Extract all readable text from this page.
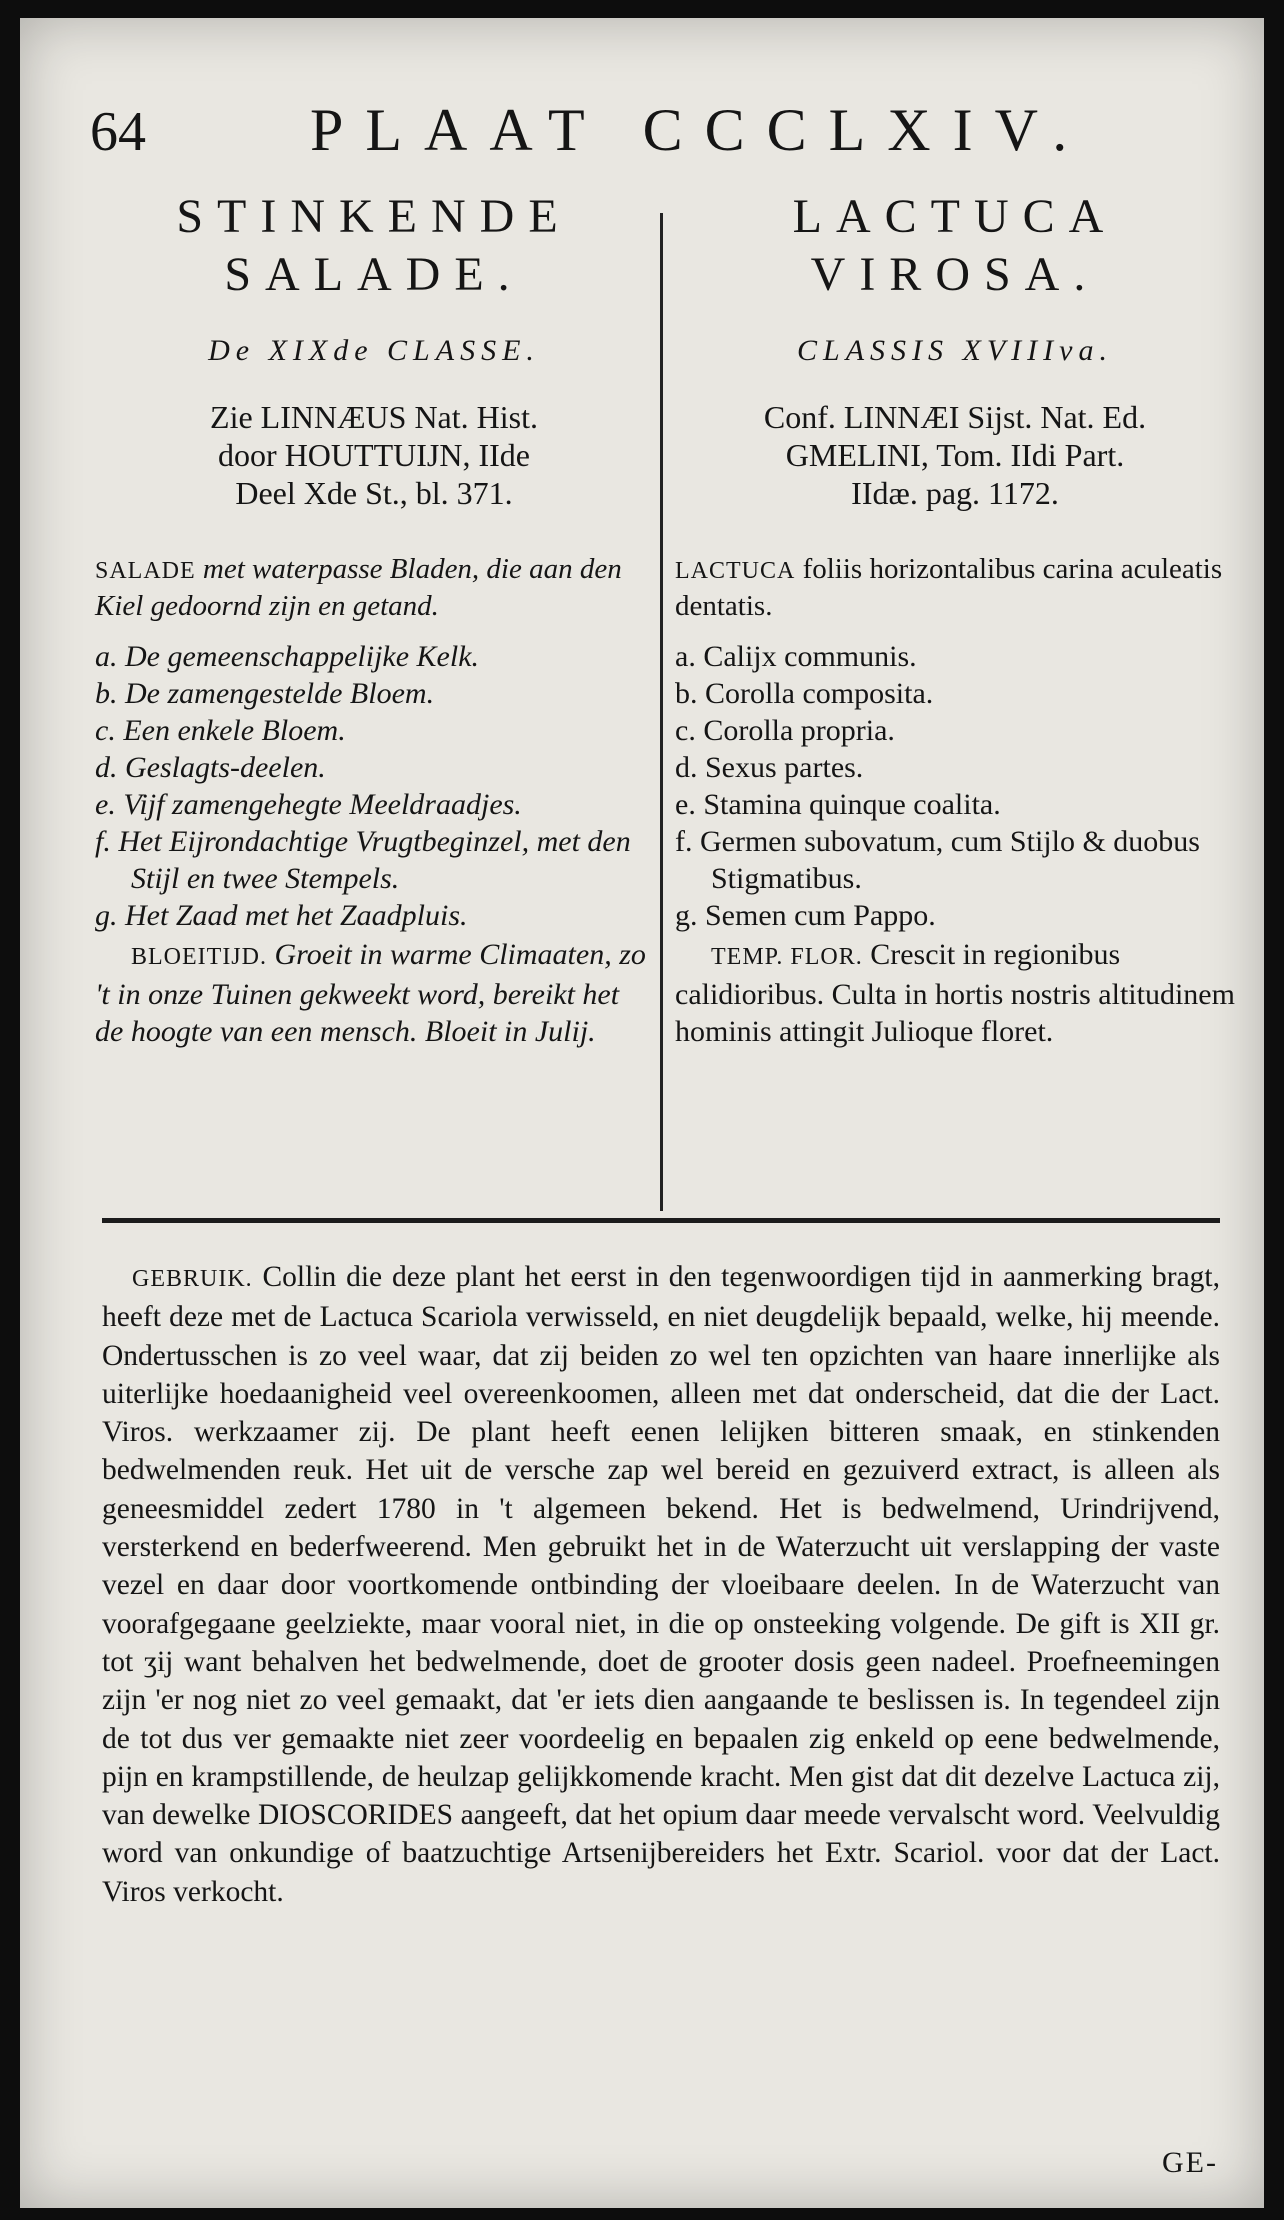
64	PLAAT CCCLXIV.
STINKENDE
SALADE.
De XIXde CLASSE.
Zie LINNÆUS Nat. Hist.
door HOUTTUIJN, IIde
Deel Xde St., bl. 371.
SALADE met waterpasse Bladen, die aan den Kiel gedoornd zijn en getand.
a. De gemeenschappelijke Kelk.
b. De zamengestelde Bloem.
c. Een enkele Bloem.
d. Geslagts-deelen.
e. Vijf zamengehegte Meeldraadjes.
f. Het Eijrondachtige Vrugtbeginzel, met den Stijl en twee Stempels.
g. Het Zaad met het Zaadpluis.
BLOEITIJD. Groeit in warme Climaaten, zo 't in onze Tuinen gekweekt word, bereikt het de hoogte van een mensch. Bloeit in Julij.
LACTUCA
VIROSA.
CLASSIS XVIIIva.
Conf. LINNÆI Sijst. Nat. Ed.
GMELINI, Tom. IIdi Part.
IIdæ. pag. 1172.
LACTUCA foliis horizontalibus carina aculeatis dentatis.
a. Calijx communis.
b. Corolla composita.
c. Corolla propria.
d. Sexus partes.
e. Stamina quinque coalita.
f. Germen subovatum, cum Stijlo & duobus Stigmatibus.
g. Semen cum Pappo.
TEMP. FLOR. Crescit in regionibus calidioribus. Culta in hortis nostris altitudinem hominis attingit Julioque floret.
GEBRUIK. Collin die deze plant het eerst in den tegenwoordigen tijd in aanmerking bragt, heeft deze met de Lactuca Scariola verwisseld, en niet deugdelijk bepaald, welke, hij meende. Ondertusschen is zo veel waar, dat zij beiden zo wel ten opzichten van haare innerlijke als uiterlijke hoedaanigheid veel overeenkoomen, alleen met dat onderscheid, dat die der Lact. Viros. werkzaamer zij. De plant heeft eenen lelijken bitteren smaak, en stinkenden bedwelmenden reuk. Het uit de versche zap wel bereid en gezuiverd extract, is alleen als geneesmiddel zedert 1780 in 't algemeen bekend. Het is bedwelmend, Urindrijvend, versterkend en bederfweerend. Men gebruikt het in de Waterzucht uit verslapping der vaste vezel en daar door voortkomende ontbinding der vloeibaare deelen. In de Waterzucht van voorafgegaane geelziekte, maar vooral niet, in die op onsteeking volgende. De gift is XII gr. tot ʒij want behalven het bedwelmende, doet de grooter dosis geen nadeel. Proefneemingen zijn 'er nog niet zo veel gemaakt, dat 'er iets dien aangaande te beslissen is. In tegendeel zijn de tot dus ver gemaakte niet zeer voordeelig en bepaalen zig enkeld op eene bedwelmende, pijn en krampstillende, de heulzap gelijkkomende kracht. Men gist dat dit dezelve Lactuca zij, van dewelke DIOSCORIDES aangeeft, dat het opium daar meede vervalscht word. Veelvuldig word van onkundige of baatzuchtige Artsenijbereiders het Extr. Scariol. voor dat der Lact. Viros verkocht.
GE-
